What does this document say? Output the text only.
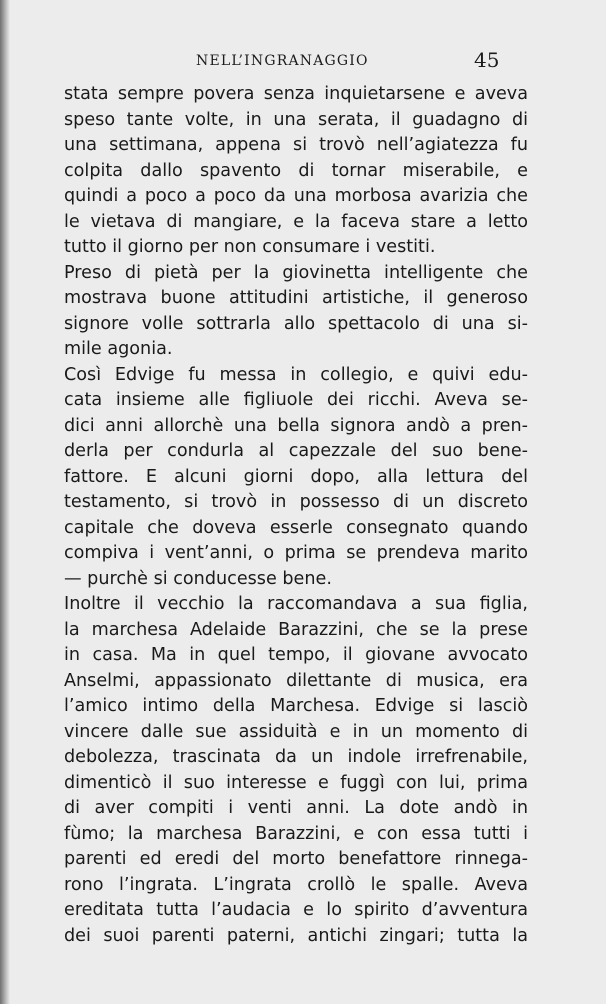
NELL’INGRANAGGIO	45
stata sempre povera senza inquietarsene e aveva
speso tante volte, in una serata, il guadagno di
una settimana, appena si trovò nell’agiatezza fu
colpita dallo spavento di tornar miserabile, e
quindi a poco a poco da una morbosa avarizia che
le vietava di mangiare, e la faceva stare a letto
tutto il giorno per non consumare i vestiti.
Preso di pietà per la giovinetta intelligente che
mostrava buone attitudini artistiche, il generoso
signore volle sottrarla allo spettacolo di una si-
mile agonia.
Così Edvige fu messa in collegio, e quivi edu-
cata insieme alle figliuole dei ricchi. Aveva se-
dici anni allorchè una bella signora andò a pren-
derla per condurla al capezzale del suo bene-
fattore. E alcuni giorni dopo, alla lettura del
testamento, si trovò in possesso di un discreto
capitale che doveva esserle consegnato quando
compiva i vent’anni, o prima se prendeva marito
— purchè si conducesse bene.
Inoltre il vecchio la raccomandava a sua figlia,
la marchesa Adelaide Barazzini, che se la prese
in casa. Ma in quel tempo, il giovane avvocato
Anselmi, appassionato dilettante di musica, era
l’amico intimo della Marchesa. Edvige si lasciò
vincere dalle sue assiduità e in un momento di
debolezza, trascinata da un indole irrefrenabile,
dimenticò il suo interesse e fuggì con lui, prima
di aver compiti i venti anni. La dote andò in
fùmo; la marchesa Barazzini, e con essa tutti i
parenti ed eredi del morto benefattore rinnega-
rono l’ingrata. L’ingrata crollò le spalle. Aveva
ereditata tutta l’audacia e lo spirito d’avventura
dei suoi parenti paterni, antichi zingari; tutta la
